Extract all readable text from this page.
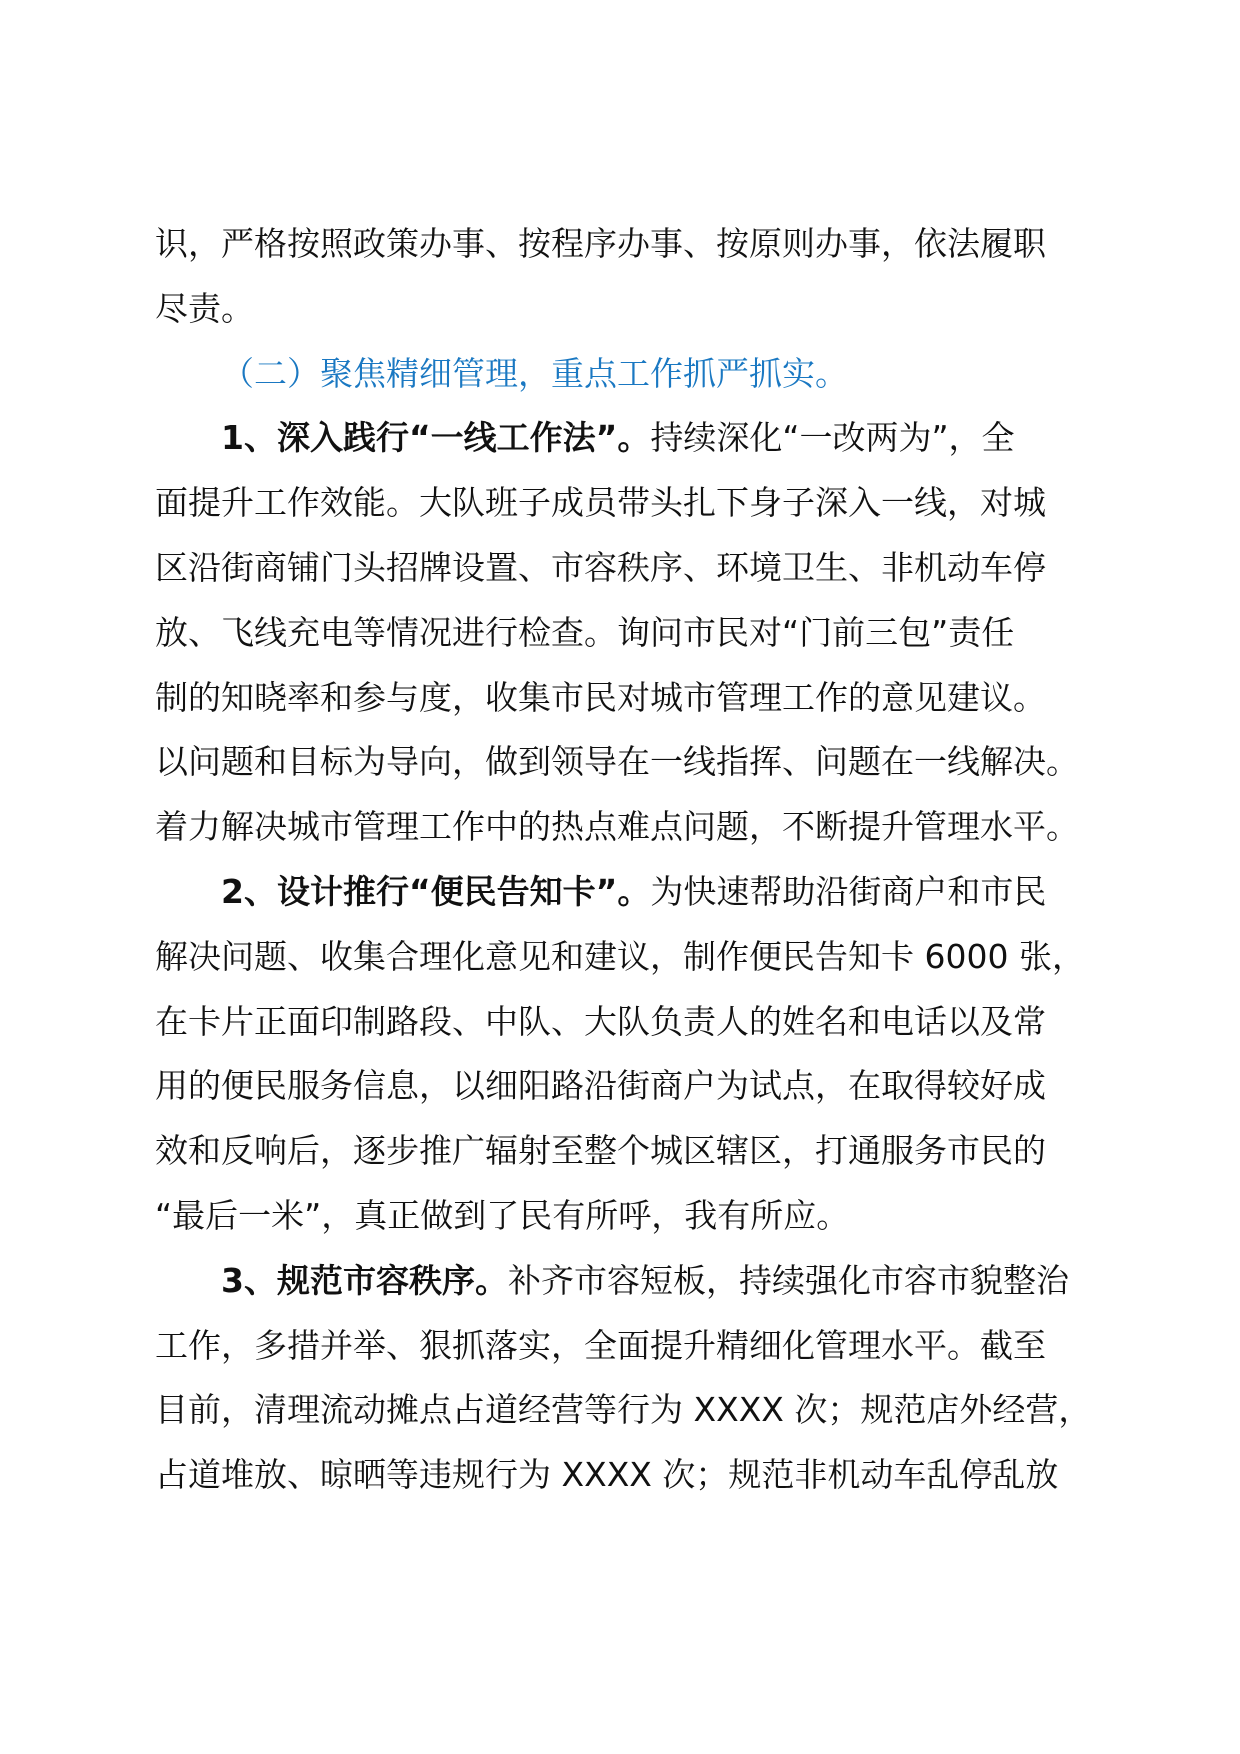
识，严格按照政策办事、按程序办事、按原则办事，依法履职
尽责。
（二）聚焦精细管理，重点工作抓严抓实。
1、深入践行“一线工作法”。持续深化“一改两为”，全
面提升工作效能。大队班子成员带头扎下身子深入一线，对城
区沿街商铺门头招牌设置、市容秩序、环境卫生、非机动车停
放、飞线充电等情况进行检查。询问市民对“门前三包”责任
制的知晓率和参与度，收集市民对城市管理工作的意见建议。
以问题和目标为导向，做到领导在一线指挥、问题在一线解决。
着力解决城市管理工作中的热点难点问题，不断提升管理水平。
2、设计推行“便民告知卡”。为快速帮助沿街商户和市民
解决问题、收集合理化意见和建议，制作便民告知卡 6000 张，
在卡片正面印制路段、中队、大队负责人的姓名和电话以及常
用的便民服务信息，以细阳路沿街商户为试点，在取得较好成
效和反响后，逐步推广辐射至整个城区辖区，打通服务市民的
“最后一米”，真正做到了民有所呼，我有所应。
3、规范市容秩序。补齐市容短板，持续强化市容市貌整治
工作，多措并举、狠抓落实，全面提升精细化管理水平。截至
目前，清理流动摊点占道经营等行为 XXXX 次；规范店外经营，
占道堆放、晾晒等违规行为 XXXX 次；规范非机动车乱停乱放
